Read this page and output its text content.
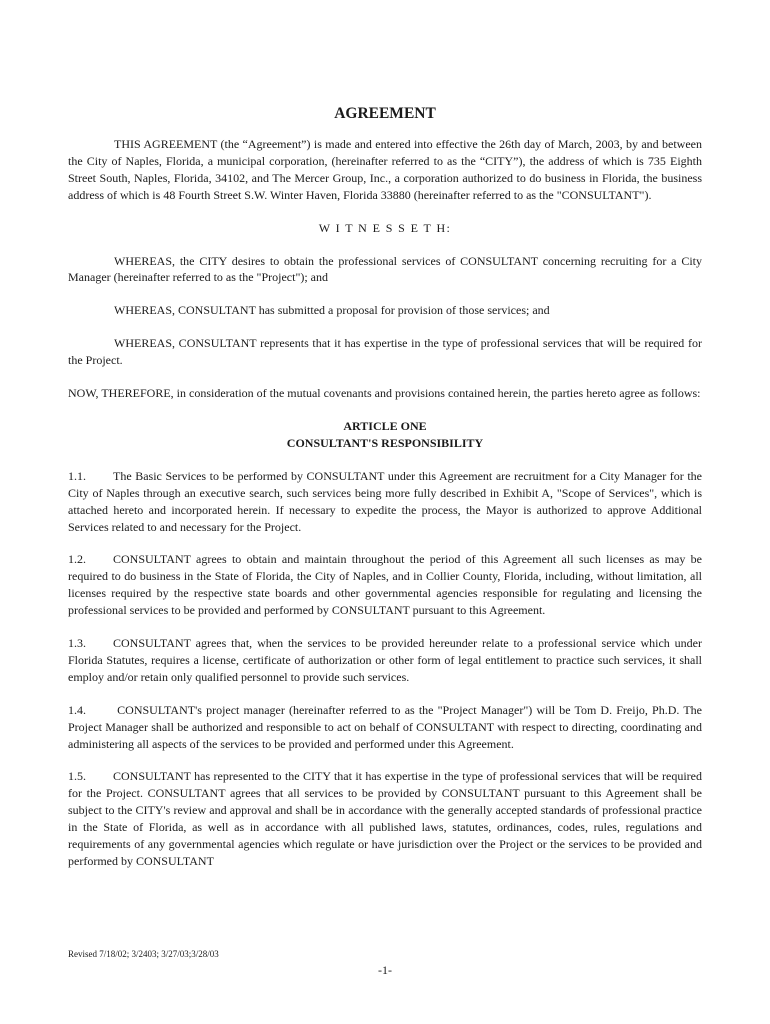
AGREEMENT

THIS AGREEMENT (the “Agreement”) is made and entered into effective the 26th day of March, 2003, by and between the City of Naples, Florida, a municipal corporation, (hereinafter referred to as the “CITY”), the address of which is 735 Eighth Street South, Naples, Florida, 34102, and The Mercer Group, Inc., a corporation authorized to do business in Florida, the business address of which is 48 Fourth Street S.W. Winter Haven, Florida 33880 (hereinafter referred to as the "CONSULTANT").

W I T N E S S E T H:

WHEREAS, the CITY desires to obtain the professional services of CONSULTANT concerning recruiting for a City Manager (hereinafter referred to as the "Project"); and

WHEREAS, CONSULTANT has submitted a proposal for provision of those services; and

WHEREAS, CONSULTANT represents that it has expertise in the type of professional services that will be required for the Project.

NOW, THEREFORE, in consideration of the mutual covenants and provisions contained herein, the parties hereto agree as follows:

ARTICLE ONE
CONSULTANT'S RESPONSIBILITY

1.1. The Basic Services to be performed by CONSULTANT under this Agreement are recruitment for a City Manager for the City of Naples through an executive search, such services being more fully described in Exhibit A, "Scope of Services", which is attached hereto and incorporated herein. If necessary to expedite the process, the Mayor is authorized to approve Additional Services related to and necessary for the Project.

1.2. CONSULTANT agrees to obtain and maintain throughout the period of this Agreement all such licenses as may be required to do business in the State of Florida, the City of Naples, and in Collier County, Florida, including, without limitation, all licenses required by the respective state boards and other governmental agencies responsible for regulating and licensing the professional services to be provided and performed by CONSULTANT pursuant to this Agreement.

1.3. CONSULTANT agrees that, when the services to be provided hereunder relate to a professional service which under Florida Statutes, requires a license, certificate of authorization or other form of legal entitlement to practice such services, it shall employ and/or retain only qualified personnel to provide such services.

1.4. CONSULTANT's project manager (hereinafter referred to as the "Project Manager") will be Tom D. Freijo, Ph.D. The Project Manager shall be authorized and responsible to act on behalf of CONSULTANT with respect to directing, coordinating and administering all aspects of the services to be provided and performed under this Agreement.

1.5. CONSULTANT has represented to the CITY that it has expertise in the type of professional services that will be required for the Project. CONSULTANT agrees that all services to be provided by CONSULTANT pursuant to this Agreement shall be subject to the CITY's review and approval and shall be in accordance with the generally accepted standards of professional practice in the State of Florida, as well as in accordance with all published laws, statutes, ordinances, codes, rules, regulations and requirements of any governmental agencies which regulate or have jurisdiction over the Project or the services to be provided and performed by CONSULTANT

Revised 7/18/02; 3/2403; 3/27/03;3/28/03
-1-
